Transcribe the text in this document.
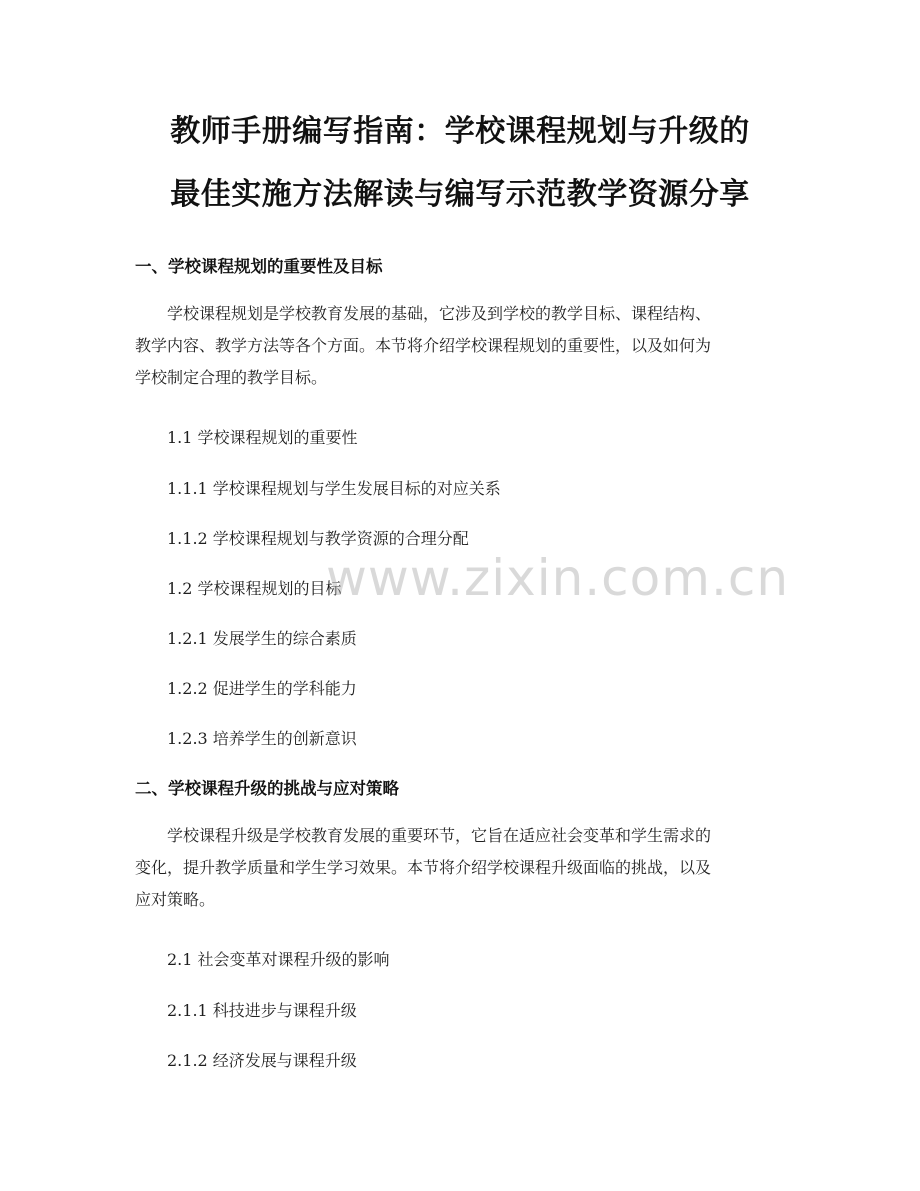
教师手册编写指南：学校课程规划与升级的
最佳实施方法解读与编写示范教学资源分享
一、学校课程规划的重要性及目标
学校课程规划是学校教育发展的基础，它涉及到学校的教学目标、课程结构、
教学内容、教学方法等各个方面。本节将介绍学校课程规划的重要性，以及如何为
学校制定合理的教学目标。
1.1 学校课程规划的重要性
1.1.1 学校课程规划与学生发展目标的对应关系
1.1.2 学校课程规划与教学资源的合理分配
1.2 学校课程规划的目标
1.2.1 发展学生的综合素质
1.2.2 促进学生的学科能力
1.2.3 培养学生的创新意识
二、学校课程升级的挑战与应对策略
学校课程升级是学校教育发展的重要环节，它旨在适应社会变革和学生需求的
变化，提升教学质量和学生学习效果。本节将介绍学校课程升级面临的挑战，以及
应对策略。
2.1 社会变革对课程升级的影响
2.1.1 科技进步与课程升级
2.1.2 经济发展与课程升级
www.zixin.com.cn
